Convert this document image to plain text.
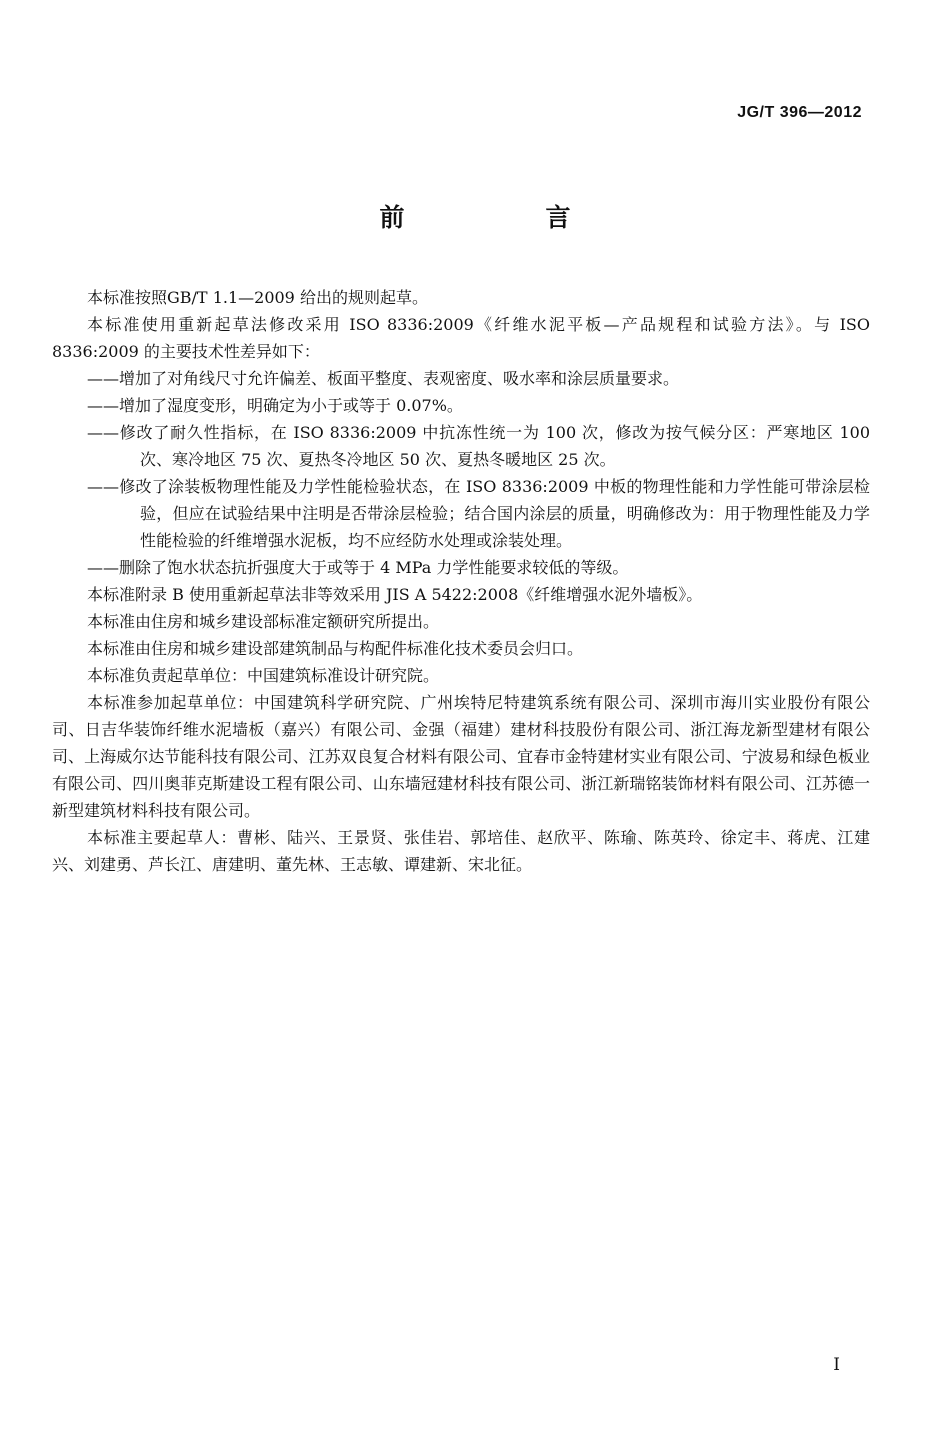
JG/T 396—2012
前　言

本标准按照GB/T 1.1—2009 给出的规则起草。

本标准使用重新起草法修改采用 ISO 8336:2009《纤维水泥平板—产品规程和试验方法》。与 ISO 8336:2009 的主要技术性差异如下：

——增加了对角线尺寸允许偏差、板面平整度、表观密度、吸水率和涂层质量要求。

——增加了湿度变形，明确定为小于或等于 0.07%。

——修改了耐久性指标，在 ISO 8336:2009 中抗冻性统一为 100 次，修改为按气候分区：严寒地区 100 次、寒冷地区 75 次、夏热冬冷地区 50 次、夏热冬暖地区 25 次。

——修改了涂装板物理性能及力学性能检验状态，在 ISO 8336:2009 中板的物理性能和力学性能可带涂层检验，但应在试验结果中注明是否带涂层检验；结合国内涂层的质量，明确修改为：用于物理性能及力学性能检验的纤维增强水泥板，均不应经防水处理或涂装处理。

——删除了饱水状态抗折强度大于或等于 4 MPa 力学性能要求较低的等级。

本标准附录 B 使用重新起草法非等效采用 JIS A 5422:2008《纤维增强水泥外墙板》。

本标准由住房和城乡建设部标准定额研究所提出。

本标准由住房和城乡建设部建筑制品与构配件标准化技术委员会归口。

本标准负责起草单位：中国建筑标准设计研究院。

本标准参加起草单位：中国建筑科学研究院、广州埃特尼特建筑系统有限公司、深圳市海川实业股份有限公司、日吉华装饰纤维水泥墙板（嘉兴）有限公司、金强（福建）建材科技股份有限公司、浙江海龙新型建材有限公司、上海威尔达节能科技有限公司、江苏双良复合材料有限公司、宜春市金特建材实业有限公司、宁波易和绿色板业有限公司、四川奥菲克斯建设工程有限公司、山东墙冠建材科技有限公司、浙江新瑞铭装饰材料有限公司、江苏德一新型建筑材料科技有限公司。

本标准主要起草人：曹彬、陆兴、王景贤、张佳岩、郭培佳、赵欣平、陈瑜、陈英玲、徐定丰、蒋虎、江建兴、刘建勇、芦长江、唐建明、董先林、王志敏、谭建新、宋北征。

I
